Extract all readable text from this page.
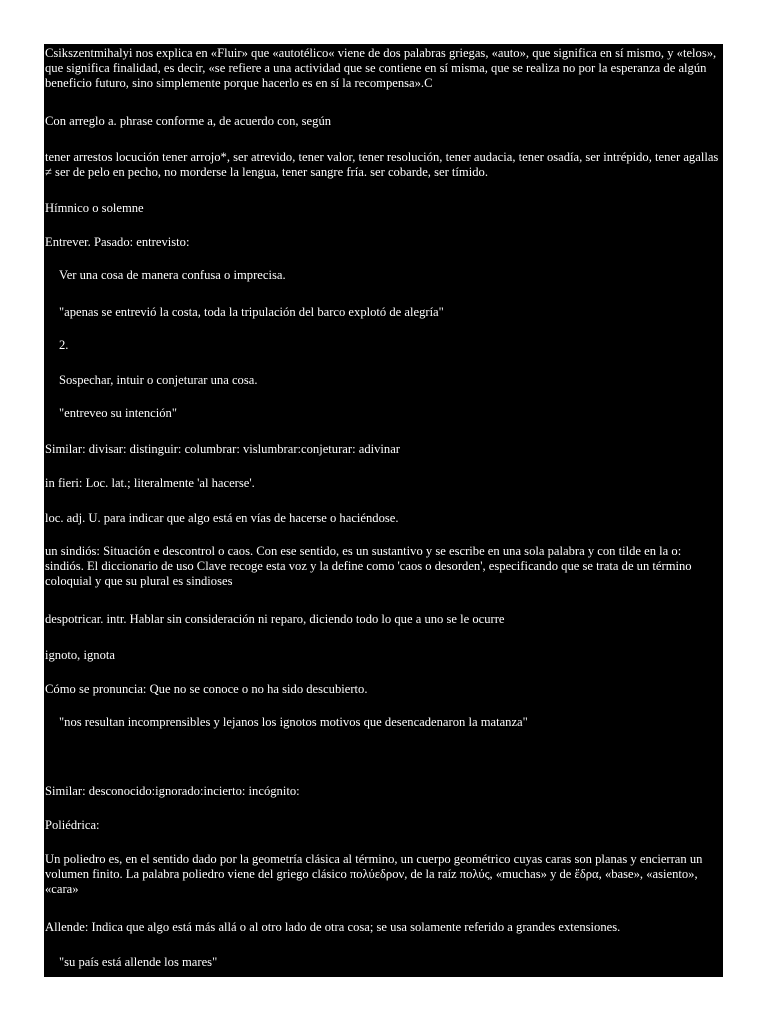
Csikszentmihalyi nos explica en «Fluir» que «autotélico« viene de dos palabras griegas, «auto», que significa en sí mismo, y «telos», que significa finalidad, es decir, «se refiere a una actividad que se contiene en sí misma, que se realiza no por la esperanza de algún beneficio futuro, sino simplemente porque hacerlo es en sí la recompensa».C

Con arreglo a. phrase conforme a, de acuerdo con, según

tener arrestos locución tener arrojo*, ser atrevido, tener valor, tener resolución, tener audacia, tener osadía, ser intrépido, tener agallas ≠ ser de pelo en pecho, no morderse la lengua, tener sangre fría. ser cobarde, ser tímido.

Hímnico o solemne

Entrever. Pasado: entrevisto:

Ver una cosa de manera confusa o imprecisa.

"apenas se entrevió la costa, toda la tripulación del barco explotó de alegría"

2.

Sospechar, intuir o conjeturar una cosa.

"entreveo su intención"

Similar: divisar: distinguir: columbrar: vislumbrar:conjeturar: adivinar

in fieri: Loc. lat.; literalmente 'al hacerse'.

loc. adj. U. para indicar que algo está en vías de hacerse o haciéndose.

un sindiós: Situación e descontrol o caos. Con ese sentido, es un sustantivo y se escribe en una sola palabra y con tilde en la o: sindiós. El diccionario de uso Clave recoge esta voz y la define como 'caos o desorden', especificando que se trata de un término coloquial y que su plural es sindioses

despotricar. intr. Hablar sin consideración ni reparo, diciendo todo lo que a uno se le ocurre

ignoto, ignota

Cómo se pronuncia: Que no se conoce o no ha sido descubierto.

"nos resultan incomprensibles y lejanos los ignotos motivos que desencadenaron la matanza"

Similar: desconocido:ignorado:incierto: incógnito:

Poliédrica:

Un poliedro es, en el sentido dado por la geometría clásica al término, un cuerpo geométrico cuyas caras son planas y encierran un volumen finito. La palabra poliedro viene del griego clásico πολύεδρον, de la raíz πολύς, «muchas» y de ἕδρα, «base», «asiento», «cara»

Allende: Indica que algo está más allá o al otro lado de otra cosa; se usa solamente referido a grandes extensiones.

"su país está allende los mares"
